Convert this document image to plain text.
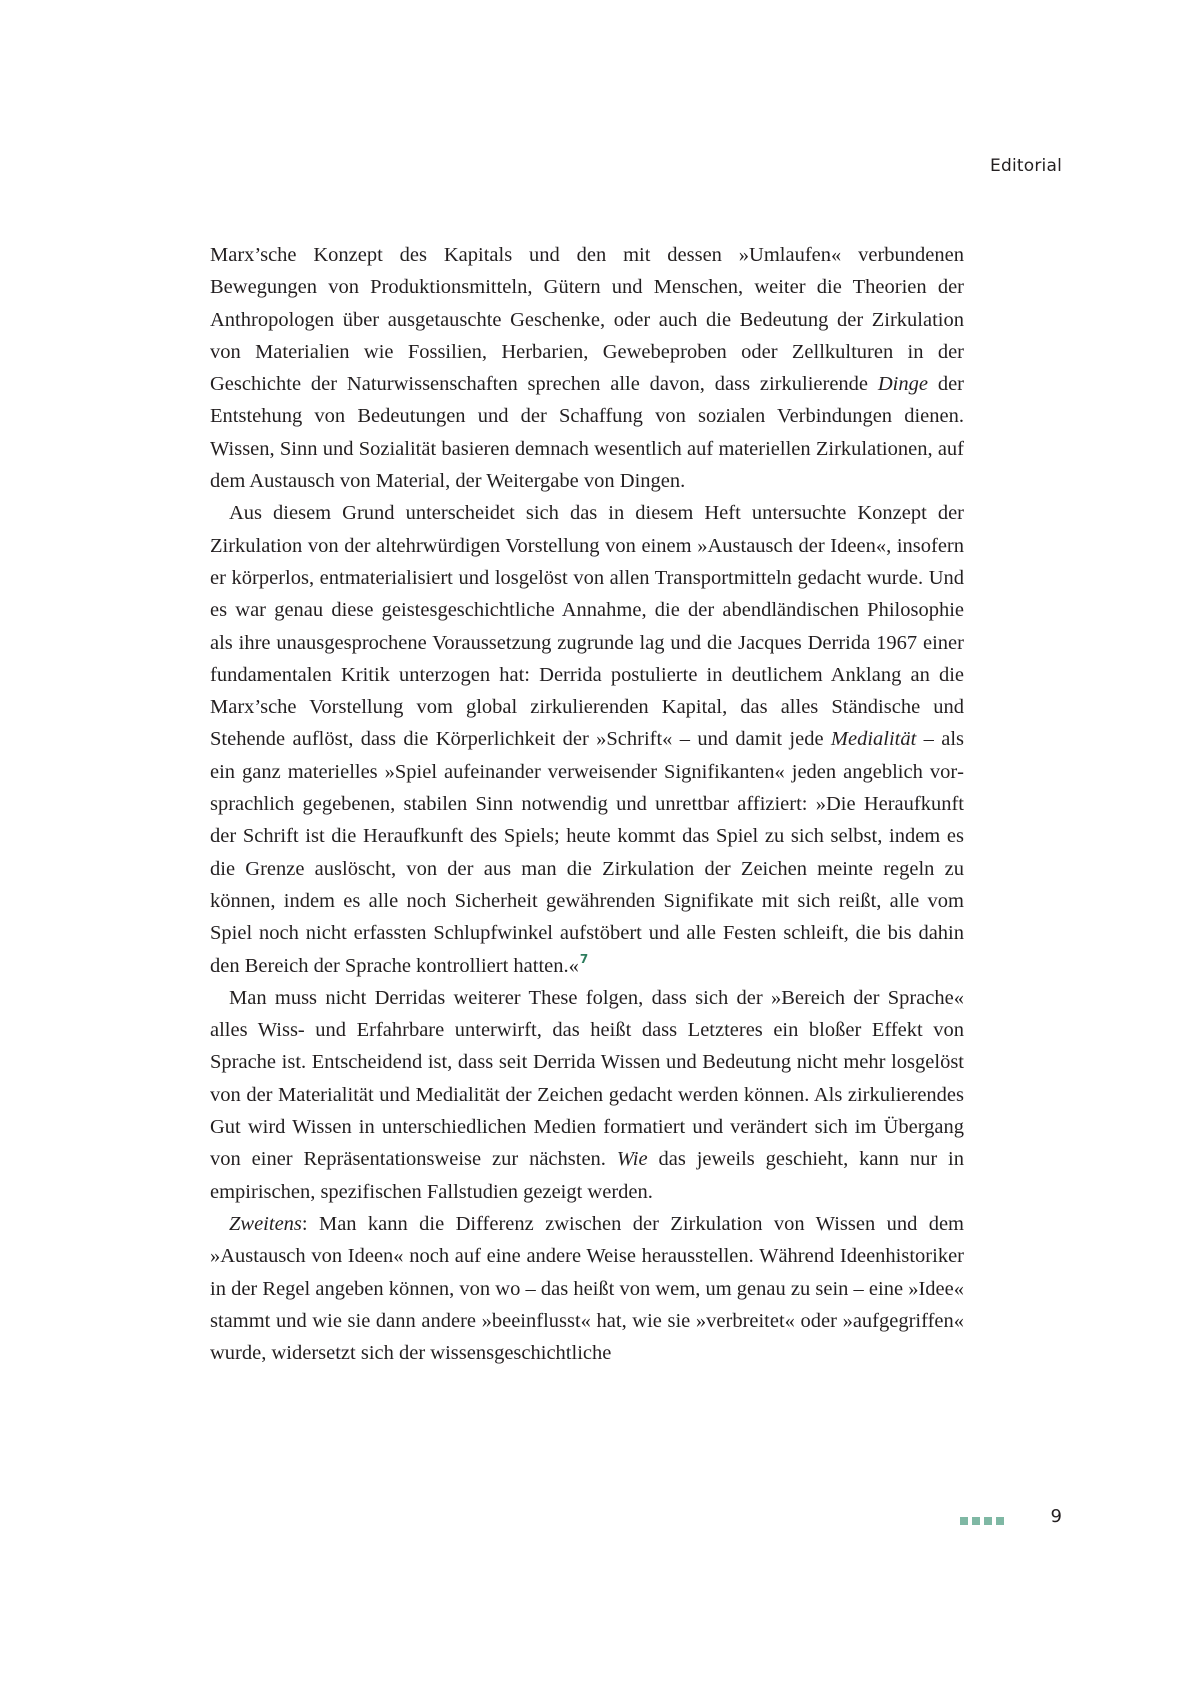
Editorial

Marx’sche Konzept des Kapitals und den mit dessen »Umlaufen« verbundenen Bewegungen von Produktionsmitteln, Gütern und Menschen, weiter die Theorien der Anthropologen über ausgetauschte Geschenke, oder auch die Bedeutung der Zirkulation von Materialien wie Fossilien, Herbarien, Gewebeproben oder Zellkulturen in der Geschichte der Naturwissenschaften sprechen alle davon, dass zirkulierende Dinge der Entstehung von Bedeutungen und der Schaffung von sozialen Verbindungen dienen. Wissen, Sinn und Sozialität basieren demnach wesentlich auf materiellen Zirkulationen, auf dem Austausch von Material, der Weitergabe von Dingen.

Aus diesem Grund unterscheidet sich das in diesem Heft untersuchte Konzept der Zirkulation von der altehrwürdigen Vorstellung von einem »Austausch der Ideen«, insofern er körperlos, entmaterialisiert und losgelöst von allen Transportmitteln gedacht wurde. Und es war genau diese geistesgeschichtliche Annahme, die der abendländischen Philosophie als ihre unausgesprochene Voraussetzung zugrunde lag und die Jacques Derrida 1967 einer fundamentalen Kritik unterzogen hat: Derrida postulierte in deutlichem Anklang an die Marx’sche Vorstellung vom global zirkulierenden Kapital, das alles Ständische und Stehende auflöst, dass die Körperlichkeit der »Schrift« – und damit jede Medialität – als ein ganz materielles »Spiel aufeinander verweisender Signifikanten« jeden angeblich vorsprachlich gegebenen, stabilen Sinn notwendig und unrettbar affiziert: »Die Heraufkunft der Schrift ist die Heraufkunft des Spiels; heute kommt das Spiel zu sich selbst, indem es die Grenze auslöscht, von der aus man die Zirkulation der Zeichen meinte regeln zu können, indem es alle noch Sicherheit gewährenden Signifikate mit sich reißt, alle vom Spiel noch nicht erfassten Schlupfwinkel aufstöbert und alle Festen schleift, die bis dahin den Bereich der Sprache kontrolliert hatten.«$^7$

Man muss nicht Derridas weiterer These folgen, dass sich der »Bereich der Sprache« alles Wiss- und Erfahrbare unterwirft, das heißt dass Letzteres ein bloßer Effekt von Sprache ist. Entscheidend ist, dass seit Derrida Wissen und Bedeutung nicht mehr losgelöst von der Materialität und Medialität der Zeichen gedacht werden können. Als zirkulierendes Gut wird Wissen in unterschiedlichen Medien formatiert und verändert sich im Übergang von einer Repräsentationsweise zur nächsten. Wie das jeweils geschieht, kann nur in empirischen, spezifischen Fallstudien gezeigt werden.

Zweitens: Man kann die Differenz zwischen der Zirkulation von Wissen und dem »Austausch von Ideen« noch auf eine andere Weise herausstellen. Während Ideenhistoriker in der Regel angeben können, von wo – das heißt von wem, um genau zu sein – eine »Idee« stammt und wie sie dann andere »beeinflusst« hat, wie sie »verbreitet« oder »aufgegriffen« wurde, widersetzt sich der wissensgeschichtliche

9
